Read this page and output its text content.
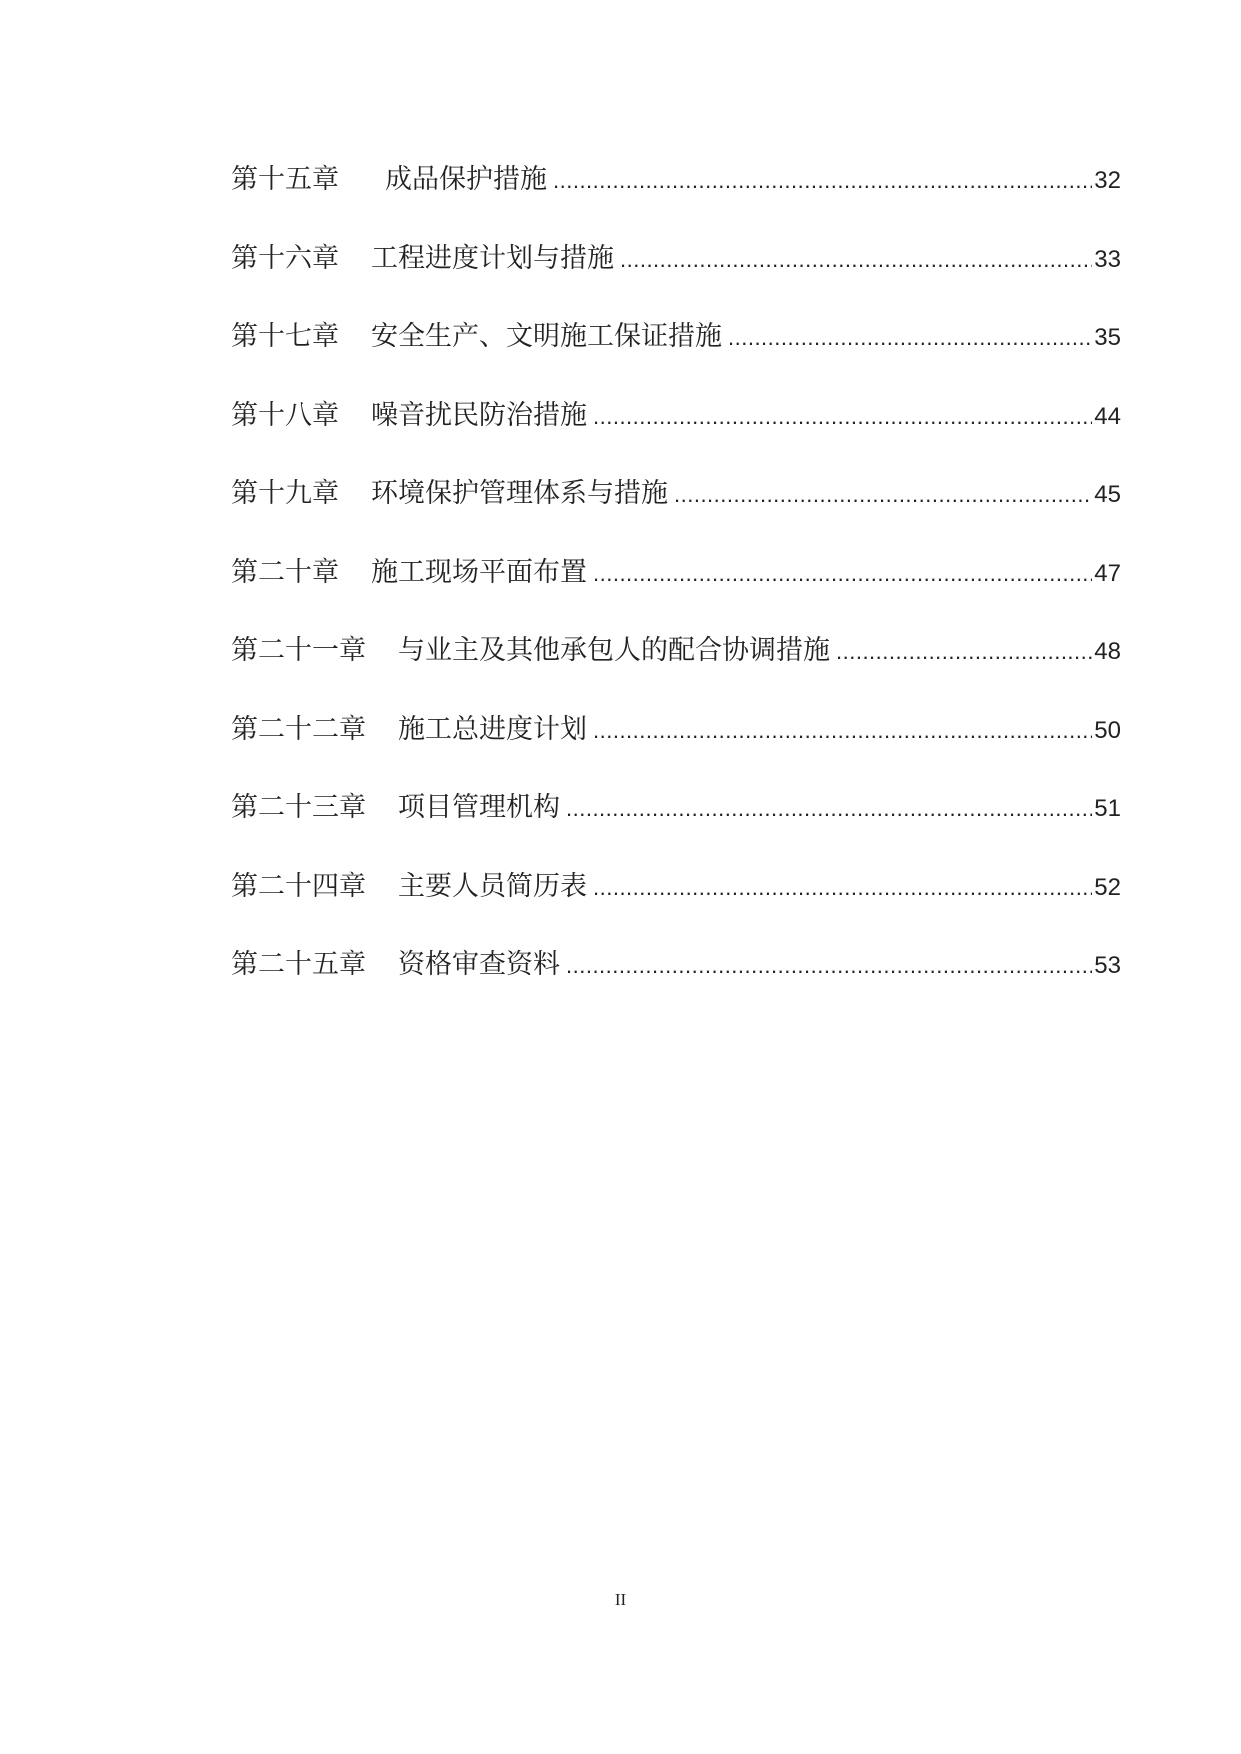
第十五章 成品保护措施 .....	32
第十六章 工程进度计划与措施 .....	33
第十七章 安全生产、文明施工保证措施 .....	35
第十八章 噪音扰民防治措施 .....	44
第十九章 环境保护管理体系与措施 .....	45
第二十章 施工现场平面布置 .....	47
第二十一章 与业主及其他承包人的配合协调措施 .....	48
第二十二章 施工总进度计划 .....	50
第二十三章 项目管理机构 .....	51
第二十四章 主要人员简历表 .....	52
第二十五章 资格审查资料 .....	53
II
